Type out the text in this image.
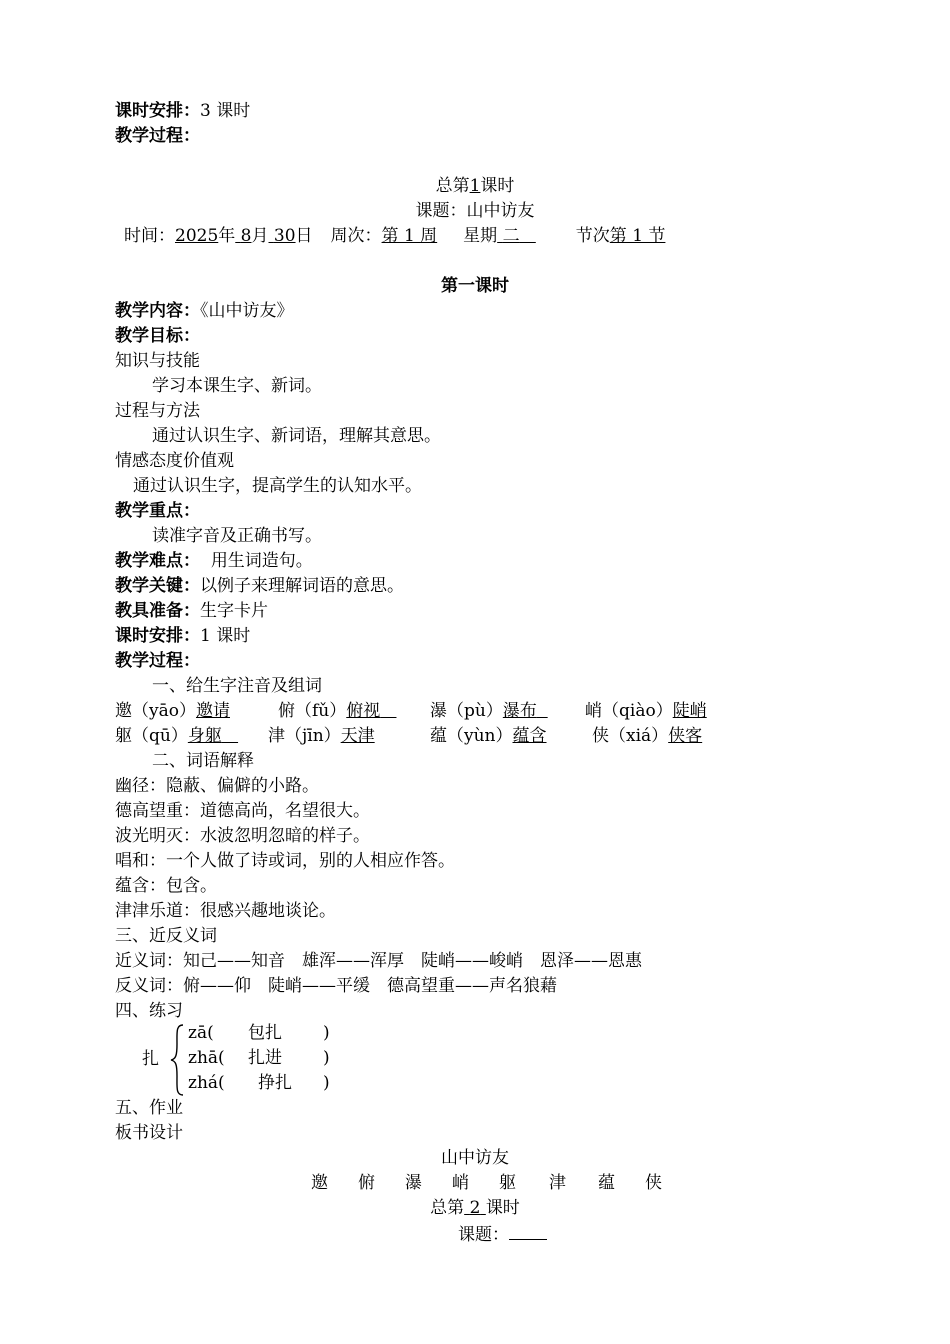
课时安排：3 课时
教学过程：
总第1课时
课题：山中访友
时间：2025年 8月 30日 周次：第 1 周 星期 二	节次第 1 节
第一课时
教学内容：《山中访友》
教学目标：
知识与技能
学习本课生字、新词。
过程与方法
通过认识生字、新词语，理解其意思。
情感态度价值观
通过认识生字，提高学生的认知水平。
教学重点：
读准字音及正确书写。
教学难点： 用生词造句。
教学关键：以例子来理解词语的意思。
教具准备：生字卡片
课时安排：1 课时
教学过程：
一、给生字注音及组词
邀（yāo）邀请	俯（fǔ）俯视	瀑（pù）瀑布	峭（qiào）陡峭
躯（qū）身躯	津（jīn）天津	蕴（yùn）蕴含	侠（xiá）侠客
二、词语解释
幽径：隐蔽、偏僻的小路。
德高望重：道德高尚，名望很大。
波光明灭：水波忽明忽暗的样子。
唱和：一个人做了诗或词，别的人相应作答。
蕴含：包含。
津津乐道：很感兴趣地谈论。
三、近反义词
近义词：知己——知音　雄浑——浑厚　陡峭——峻峭　恩泽——恩惠
反义词：俯——仰　陡峭——平缓　德高望重——声名狼藉
四、练习
扎
zā( 包扎 )
zhā( 扎进 )
zhá( 挣扎 )
五、作业
板书设计
山中访友
邀 俯 瀑 峭 躯 津 蕴 侠
总第 2 课时
课题：
